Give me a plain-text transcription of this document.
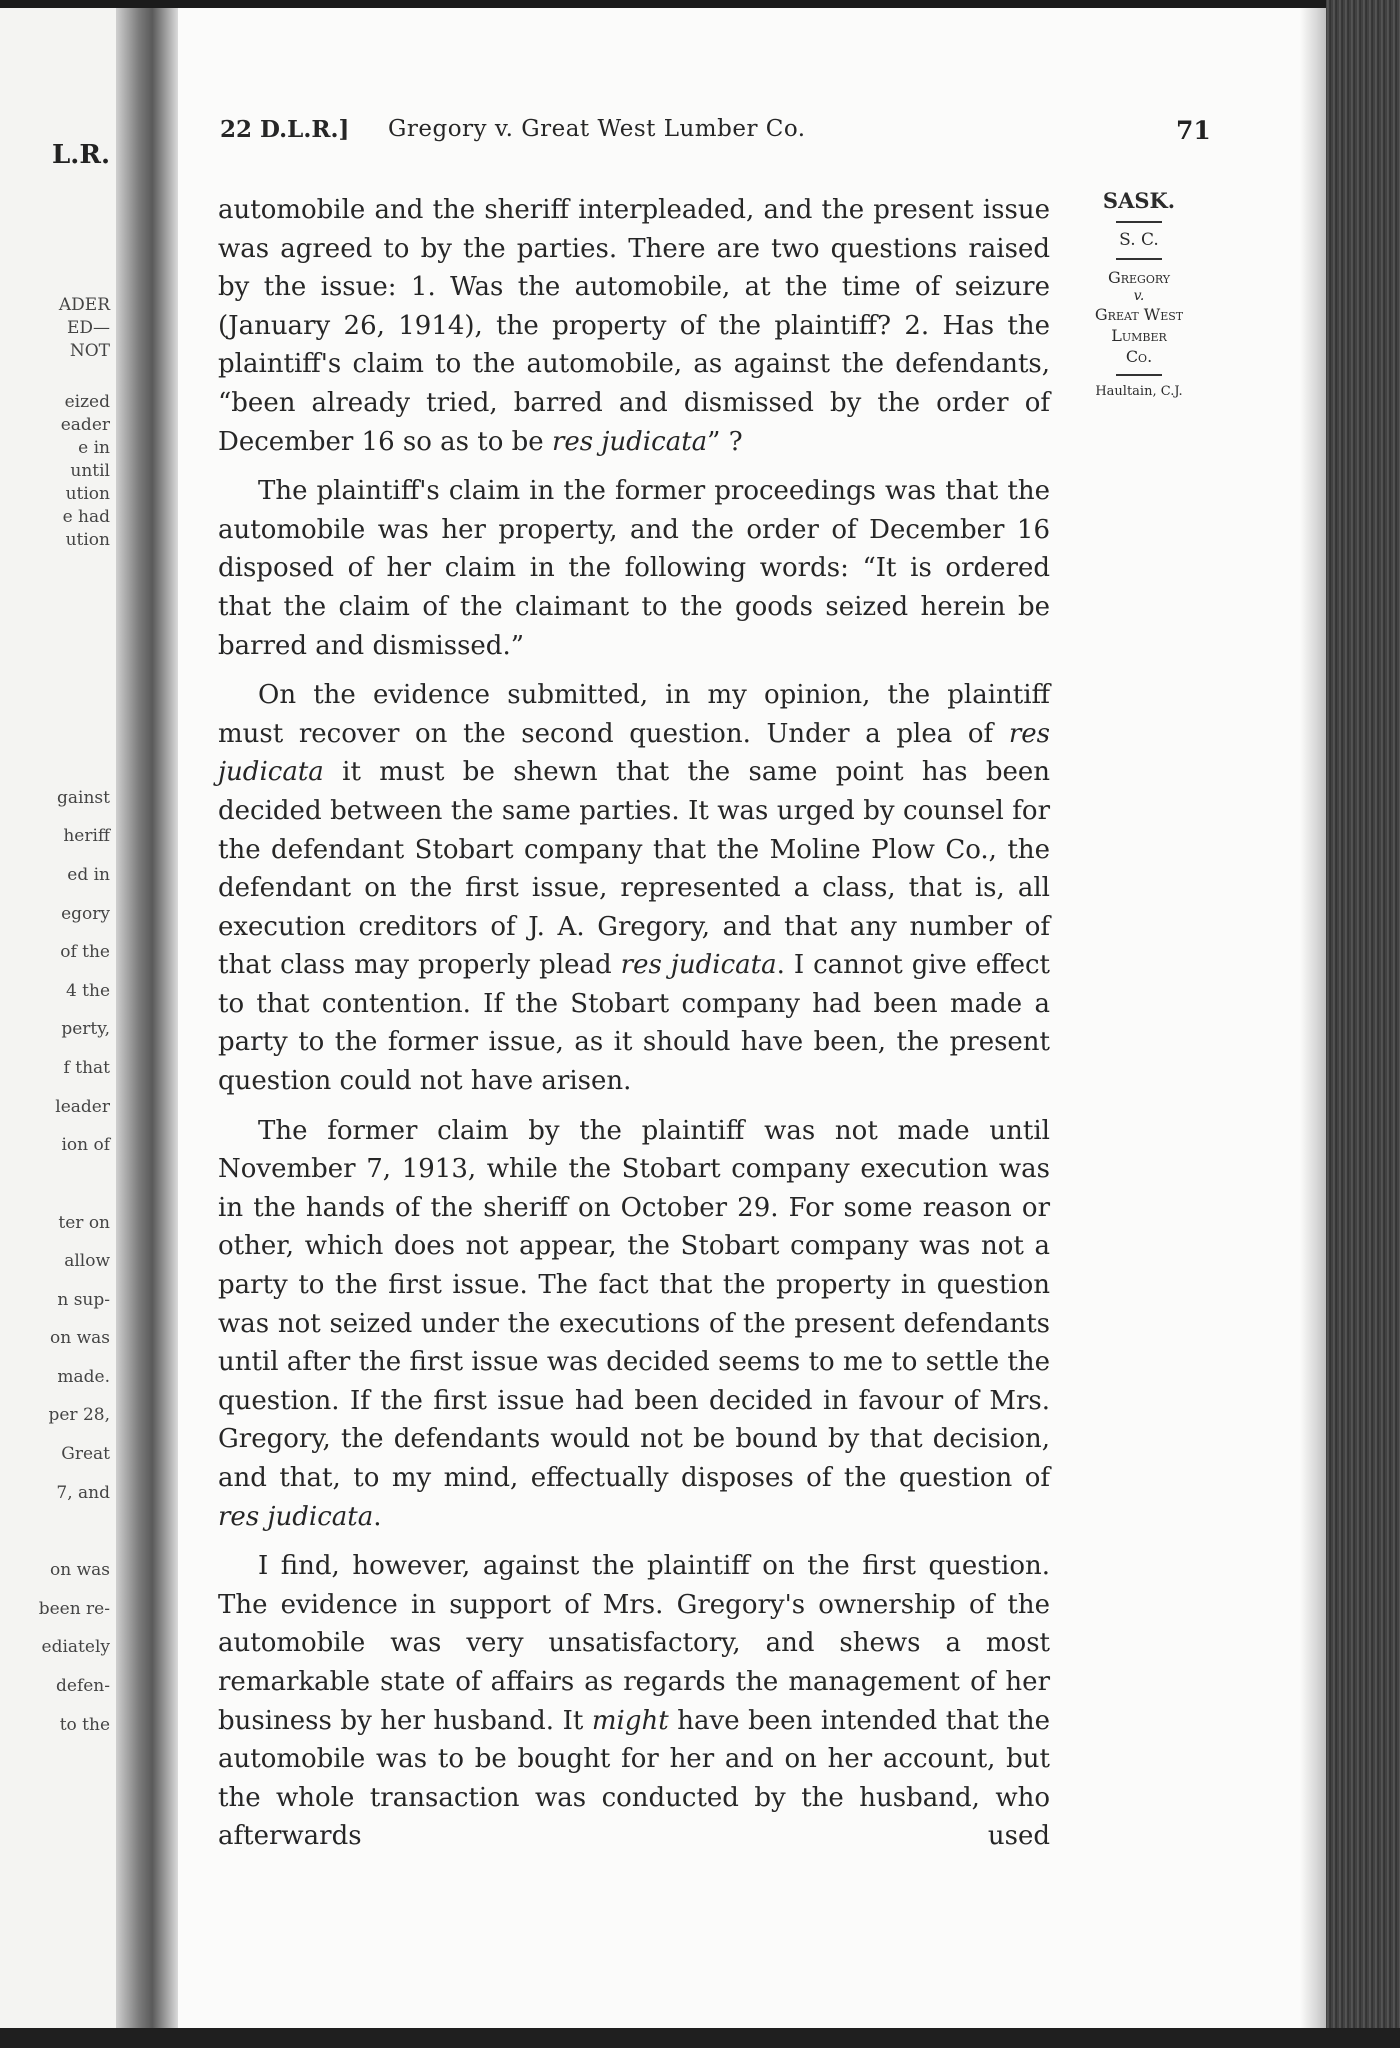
L.R.

ADER

ED—

NOT

eized

eader

e in

until

ution

e had

ution

gainst

heriff

ed in

egory

of the

4 the

perty,

f that

leader

ion of

ter on

allow

n sup-

on was

made.

per 28,

Great

7, and

on was

been re-

ediately

defen-

to the

22 D.L.R.] Gregory v. Great West Lumber Co.	71

SASK.

S. C.

Gregory

v.

Great West

Lumber

Co.

Haultain, C.J.

automobile and the sheriff interpleaded, and the present issue was agreed to by the parties. There are two questions raised by the issue: 1. Was the automobile, at the time of seizure (January 26, 1914), the property of the plaintiff? 2. Has the plaintiff's claim to the automobile, as against the defendants, “been already tried, barred and dismissed by the order of December 16 so as to be res judicata” ?

The plaintiff's claim in the former proceedings was that the automobile was her property, and the order of December 16 disposed of her claim in the following words: “It is ordered that the claim of the claimant to the goods seized herein be barred and dismissed.”

On the evidence submitted, in my opinion, the plaintiff must recover on the second question. Under a plea of res judicata it must be shewn that the same point has been decided between the same parties. It was urged by counsel for the defendant Stobart company that the Moline Plow Co., the defendant on the first issue, represented a class, that is, all execution creditors of J. A. Gregory, and that any number of that class may properly plead res judicata. I cannot give effect to that contention. If the Stobart company had been made a party to the former issue, as it should have been, the present question could not have arisen.

The former claim by the plaintiff was not made until November 7, 1913, while the Stobart company execution was in the hands of the sheriff on October 29. For some reason or other, which does not appear, the Stobart company was not a party to the first issue. The fact that the property in question was not seized under the executions of the present defendants until after the first issue was decided seems to me to settle the question. If the first issue had been decided in favour of Mrs. Gregory, the defendants would not be bound by that decision, and that, to my mind, effectually disposes of the question of res judicata.

I find, however, against the plaintiff on the first question. The evidence in support of Mrs. Gregory's ownership of the automobile was very unsatisfactory, and shews a most remarkable state of affairs as regards the management of her business by her husband. It might have been intended that the automobile was to be bought for her and on her account, but the whole transaction was conducted by the husband, who afterwards used
